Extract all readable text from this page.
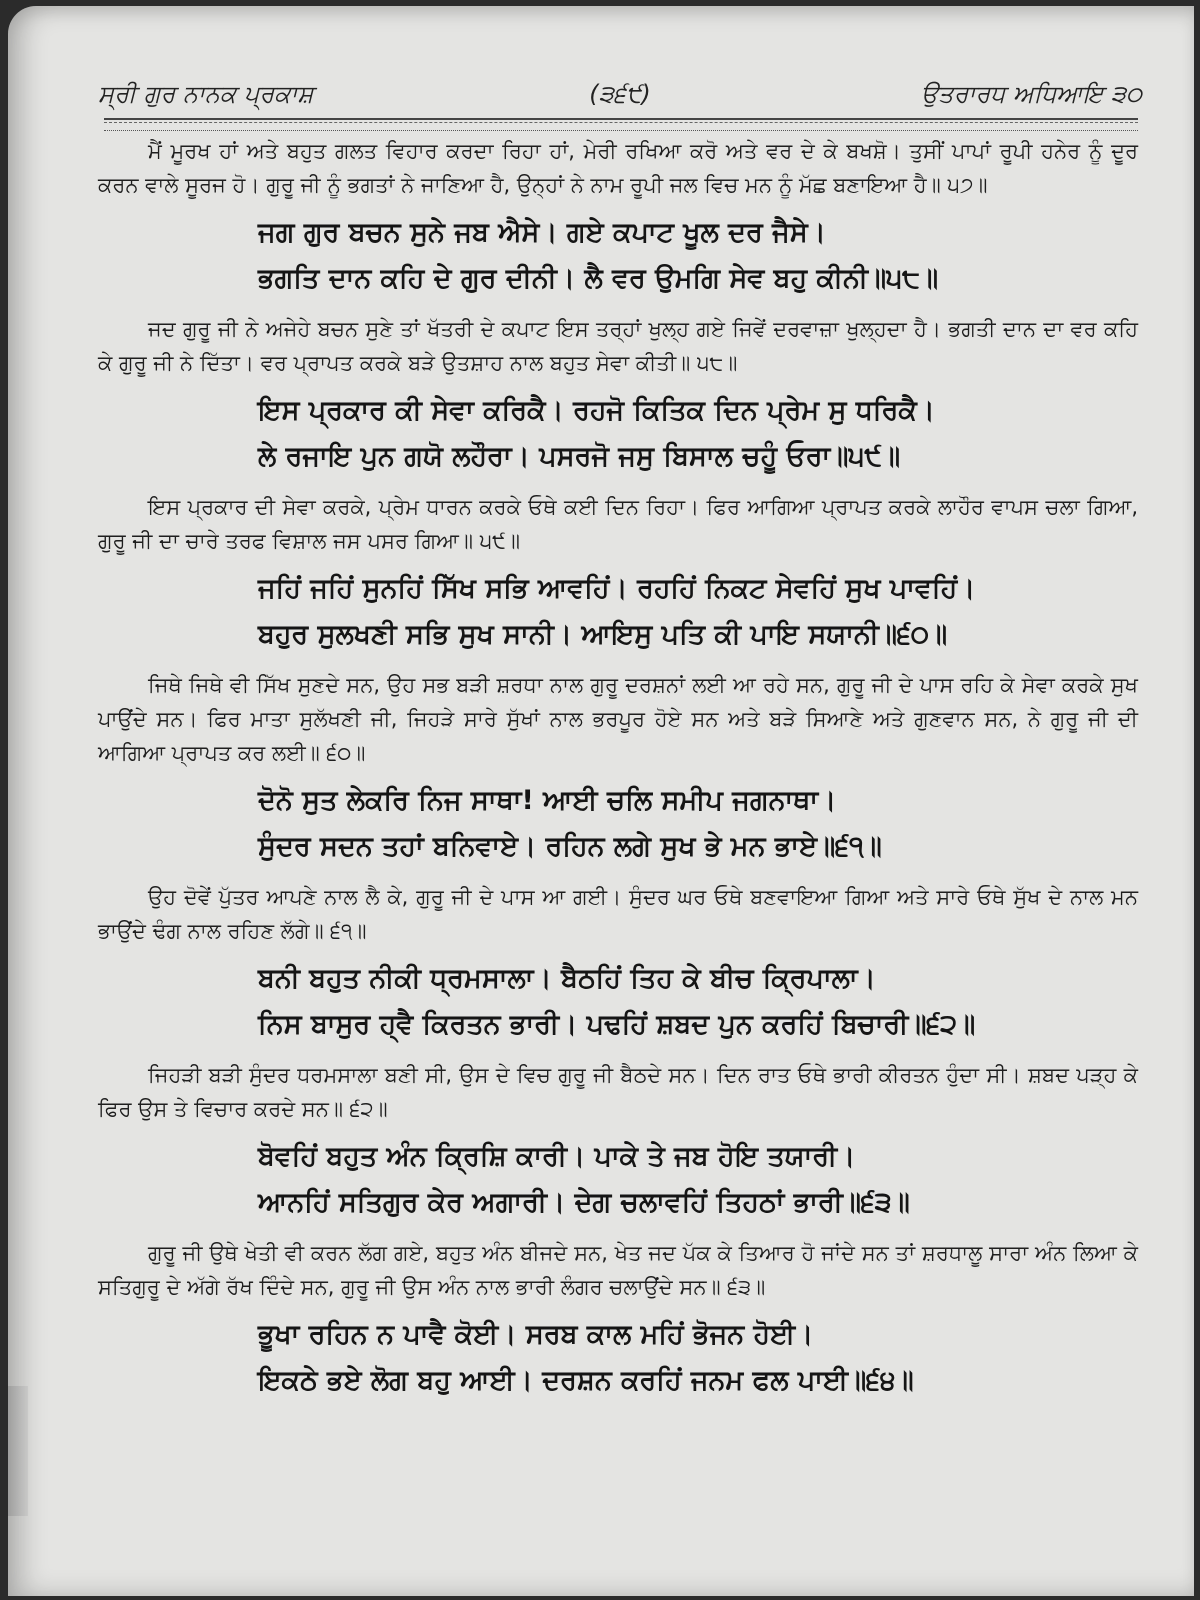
ਸ੍ਰੀ ਗੁਰ ਨਾਨਕ ਪ੍ਰਕਾਸ਼	(੩੬੯)	ਉਤਰਾਰਧ ਅਧਿਆਇ ੩੦

ਮੈਂ ਮੂਰਖ ਹਾਂ ਅਤੇ ਬਹੁਤ ਗਲਤ ਵਿਹਾਰ ਕਰਦਾ ਰਿਹਾ ਹਾਂ, ਮੇਰੀ ਰਖਿਆ ਕਰੋ ਅਤੇ ਵਰ ਦੇ ਕੇ ਬਖਸ਼ੋ। ਤੁਸੀਂ ਪਾਪਾਂ ਰੂਪੀ ਹਨੇਰ ਨੂੰ ਦੂਰ ਕਰਨ ਵਾਲੇ ਸੂਰਜ ਹੋ। ਗੁਰੂ ਜੀ ਨੂੰ ਭਗਤਾਂ ਨੇ ਜਾਣਿਆ ਹੈ, ਉਨ੍ਹਾਂ ਨੇ ਨਾਮ ਰੂਪੀ ਜਲ ਵਿਚ ਮਨ ਨੂੰ ਮੱਛ ਬਣਾਇਆ ਹੈ॥ ੫੭॥

ਜਗ ਗੁਰ ਬਚਨ ਸੁਨੇ ਜਬ ਐਸੇ। ਗਏ ਕਪਾਟ ਖੂਲ ਦਰ ਜੈਸੇ।
ਭਗਤਿ ਦਾਨ ਕਹਿ ਦੇ ਗੁਰ ਦੀਨੀ। ਲੈ ਵਰ ਉਮਗਿ ਸੇਵ ਬਹੁ ਕੀਨੀ॥੫੮॥

ਜਦ ਗੁਰੂ ਜੀ ਨੇ ਅਜੇਹੇ ਬਚਨ ਸੁਣੇ ਤਾਂ ਖੱਤਰੀ ਦੇ ਕਪਾਟ ਇਸ ਤਰ੍ਹਾਂ ਖੁਲ੍ਹ ਗਏ ਜਿਵੇਂ ਦਰਵਾਜ਼ਾ ਖੁਲ੍ਹਦਾ ਹੈ। ਭਗਤੀ ਦਾਨ ਦਾ ਵਰ ਕਹਿ ਕੇ ਗੁਰੂ ਜੀ ਨੇ ਦਿੱਤਾ। ਵਰ ਪ੍ਰਾਪਤ ਕਰਕੇ ਬੜੇ ਉਤਸ਼ਾਹ ਨਾਲ ਬਹੁਤ ਸੇਵਾ ਕੀਤੀ॥ ੫੮॥

ਇਸ ਪ੍ਰਕਾਰ ਕੀ ਸੇਵਾ ਕਰਿਕੈ। ਰਹਜੋ ਕਿਤਿਕ ਦਿਨ ਪ੍ਰੇਮ ਸੁ ਧਰਿਕੈ।
ਲੇ ਰਜਾਇ ਪੁਨ ਗਯੋ ਲਹੌਰਾ। ਪਸਰਜੋ ਜਸੁ ਬਿਸਾਲ ਚਹੂੰ ਓਰਾ॥੫੯॥

ਇਸ ਪ੍ਰਕਾਰ ਦੀ ਸੇਵਾ ਕਰਕੇ, ਪ੍ਰੇਮ ਧਾਰਨ ਕਰਕੇ ਓਥੇ ਕਈ ਦਿਨ ਰਿਹਾ। ਫਿਰ ਆਗਿਆ ਪ੍ਰਾਪਤ ਕਰਕੇ ਲਾਹੌਰ ਵਾਪਸ ਚਲਾ ਗਿਆ, ਗੁਰੂ ਜੀ ਦਾ ਚਾਰੇ ਤਰਫ ਵਿਸ਼ਾਲ ਜਸ ਪਸਰ ਗਿਆ॥ ੫੯॥

ਜਹਿਂ ਜਹਿਂ ਸੁਨਹਿਂ ਸਿੱਖ ਸਭਿ ਆਵਹਿਂ। ਰਹਹਿਂ ਨਿਕਟ ਸੇਵਹਿਂ ਸੁਖ ਪਾਵਹਿਂ।
ਬਹੁਰ ਸੁਲਖਣੀ ਸਭਿ ਸੁਖ ਸਾਨੀ। ਆਇਸੁ ਪਤਿ ਕੀ ਪਾਇ ਸਯਾਨੀ॥੬੦॥

ਜਿਥੇ ਜਿਥੇ ਵੀ ਸਿੱਖ ਸੁਣਦੇ ਸਨ, ਉਹ ਸਭ ਬੜੀ ਸ਼ਰਧਾ ਨਾਲ ਗੁਰੂ ਦਰਸ਼ਨਾਂ ਲਈ ਆ ਰਹੇ ਸਨ, ਗੁਰੂ ਜੀ ਦੇ ਪਾਸ ਰਹਿ ਕੇ ਸੇਵਾ ਕਰਕੇ ਸੁਖ ਪਾਉਂਦੇ ਸਨ। ਫਿਰ ਮਾਤਾ ਸੁਲੱਖਣੀ ਜੀ, ਜਿਹੜੇ ਸਾਰੇ ਸੁੱਖਾਂ ਨਾਲ ਭਰਪੂਰ ਹੋਏ ਸਨ ਅਤੇ ਬੜੇ ਸਿਆਣੇ ਅਤੇ ਗੁਣਵਾਨ ਸਨ, ਨੇ ਗੁਰੂ ਜੀ ਦੀ ਆਗਿਆ ਪ੍ਰਾਪਤ ਕਰ ਲਈ॥ ੬੦॥

ਦੋਨੋ ਸੁਤ ਲੇਕਰਿ ਨਿਜ ਸਾਥਾ! ਆਈ ਚਲਿ ਸਮੀਪ ਜਗਨਾਥਾ।
ਸੁੰਦਰ ਸਦਨ ਤਹਾਂ ਬਨਿਵਾਏ। ਰਹਿਨ ਲਗੇ ਸੁਖ ਭੇ ਮਨ ਭਾਏ॥੬੧॥

ਉਹ ਦੋਵੇਂ ਪੁੱਤਰ ਆਪਣੇ ਨਾਲ ਲੈ ਕੇ, ਗੁਰੂ ਜੀ ਦੇ ਪਾਸ ਆ ਗਈ। ਸੁੰਦਰ ਘਰ ਓਥੇ ਬਣਵਾਇਆ ਗਿਆ ਅਤੇ ਸਾਰੇ ਓਥੇ ਸੁੱਖ ਦੇ ਨਾਲ ਮਨ ਭਾਉਂਦੇ ਢੰਗ ਨਾਲ ਰਹਿਣ ਲੱਗੇ॥ ੬੧॥

ਬਨੀ ਬਹੁਤ ਨੀਕੀ ਧ੍ਰਮਸਾਲਾ। ਬੈਠਹਿਂ ਤਿਹ ਕੇ ਬੀਚ ਕ੍ਰਿਪਾਲਾ।
ਨਿਸ ਬਾਸੁਰ ਹ੍ਵੈ ਕਿਰਤਨ ਭਾਰੀ। ਪਢਹਿਂ ਸ਼ਬਦ ਪੁਨ ਕਰਹਿਂ ਬਿਚਾਰੀ॥੬੨॥

ਜਿਹੜੀ ਬੜੀ ਸੁੰਦਰ ਧਰਮਸਾਲਾ ਬਣੀ ਸੀ, ਉਸ ਦੇ ਵਿਚ ਗੁਰੂ ਜੀ ਬੈਠਦੇ ਸਨ। ਦਿਨ ਰਾਤ ਓਥੇ ਭਾਰੀ ਕੀਰਤਨ ਹੁੰਦਾ ਸੀ। ਸ਼ਬਦ ਪੜ੍ਹ ਕੇ ਫਿਰ ਉਸ ਤੇ ਵਿਚਾਰ ਕਰਦੇ ਸਨ॥ ੬੨॥

ਬੋਵਹਿਂ ਬਹੁਤ ਅੰਨ ਕ੍ਰਿਸ਼ਿ ਕਾਰੀ। ਪਾਕੇ ਤੇ ਜਬ ਹੋਇ ਤਯਾਰੀ।
ਆਨਹਿਂ ਸਤਿਗੁਰ ਕੇਰ ਅਗਾਰੀ। ਦੇਗ ਚਲਾਵਹਿਂ ਤਿਹਠਾਂ ਭਾਰੀ॥੬੩॥

ਗੁਰੂ ਜੀ ਉਥੇ ਖੇਤੀ ਵੀ ਕਰਨ ਲੱਗ ਗਏ, ਬਹੁਤ ਅੰਨ ਬੀਜਦੇ ਸਨ, ਖੇਤ ਜਦ ਪੱਕ ਕੇ ਤਿਆਰ ਹੋ ਜਾਂਦੇ ਸਨ ਤਾਂ ਸ਼ਰਧਾਲੂ ਸਾਰਾ ਅੰਨ ਲਿਆ ਕੇ ਸਤਿਗੁਰੂ ਦੇ ਅੱਗੇ ਰੱਖ ਦਿੰਦੇ ਸਨ, ਗੁਰੂ ਜੀ ਉਸ ਅੰਨ ਨਾਲ ਭਾਰੀ ਲੰਗਰ ਚਲਾਉਂਦੇ ਸਨ॥ ੬੩॥

ਭੂਖਾ ਰਹਿਨ ਨ ਪਾਵੈ ਕੋਈ। ਸਰਬ ਕਾਲ ਮਹਿਂ ਭੋਜਨ ਹੋਈ।
ਇਕਠੇ ਭਏ ਲੋਗ ਬਹੁ ਆਈ। ਦਰਸ਼ਨ ਕਰਹਿਂ ਜਨਮ ਫਲ ਪਾਈ॥੬੪॥
